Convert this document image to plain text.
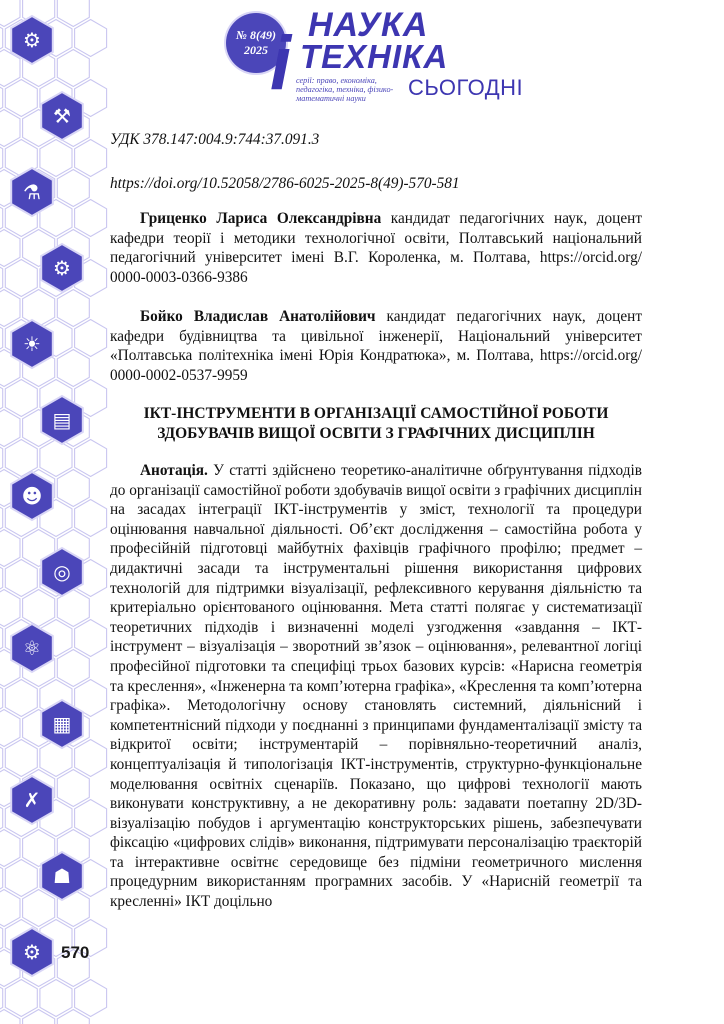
⚙
⚒
⚗
⚙
☀
▤
☻
◎
⚛
▦
✗
☗
⚙
№ 8(49)
2025 i НАУКА
ТЕХНІКА
серії: право, економіка, педагогіка, техніка, фізико-математичні науки	СЬОГОДНІ
УДК 378.147:004.9:744:37.091.3
https://doi.org/10.52058/2786-6025-2025-8(49)-570-581
Гриценко Лариса Олександрівна кандидат педагогічних наук, доцент кафедри теорії і методики технологічної освіти, Полтавський національний педагогічний університет імені В.Г. Короленка, м. Полтава, https://orcid.org/ 0000-0003-0366-9386
Бойко Владислав Анатолійович кандидат педагогічних наук, доцент кафедри будівництва та цивільної інженерії, Національний університет «Полтавська політехніка імені Юрія Кондратюка», м. Полтава, https://orcid.org/ 0000-0002-0537-9959
ІКТ-ІНСТРУМЕНТИ В ОРГАНІЗАЦІЇ САМОСТІЙНОЇ РОБОТИ
ЗДОБУВАЧІВ ВИЩОЇ ОСВІТИ З ГРАФІЧНИХ ДИСЦИПЛІН
Анотація. У статті здійснено теоретико-аналітичне обґрунтування підходів до організації самостійної роботи здобувачів вищої освіти з графічних дисциплін на засадах інтеграції ІКТ-інструментів у зміст, технології та процедури оцінювання навчальної діяльності. Об’єкт дослідження – самостійна робота у професійній підготовці майбутніх фахівців графічного профілю; предмет – дидактичні засади та інструментальні рішення використання цифрових технологій для підтримки візуалізації, рефлексивного керування діяльністю та критеріально орієнтованого оцінювання. Мета статті полягає у систематизації теоретичних підходів і визначенні моделі узгодження «завдання – ІКТ-інструмент – візуалізація – зворотний зв’язок – оцінювання», релевантної логіці професійної підготовки та специфіці трьох базових курсів: «Нарисна геометрія та креслення», «Інженерна та комп’ютерна графіка», «Креслення та комп’ютерна графіка». Методологічну основу становлять системний, діяльнісний і компетентнісний підходи у поєднанні з принципами фундаменталізації змісту та відкритої освіти; інструментарій – порівняльно-теоретичний аналіз, концептуалізація й типологізація ІКТ-інструментів, структурно-функціональне моделювання освітніх сценаріїв. Показано, що цифрові технології мають виконувати конструктивну, а не декоративну роль: задавати поетапну 2D/3D-візуалізацію побудов і аргументацію конструкторських рішень, забезпечувати фіксацію «цифрових слідів» виконання, підтримувати персоналізацію траєкторій та інтерактивне освітнє середовище без підміни геометричного мислення процедурним використанням програмних засобів. У «Нарисній геометрії та кресленні» ІКТ доцільно
570
